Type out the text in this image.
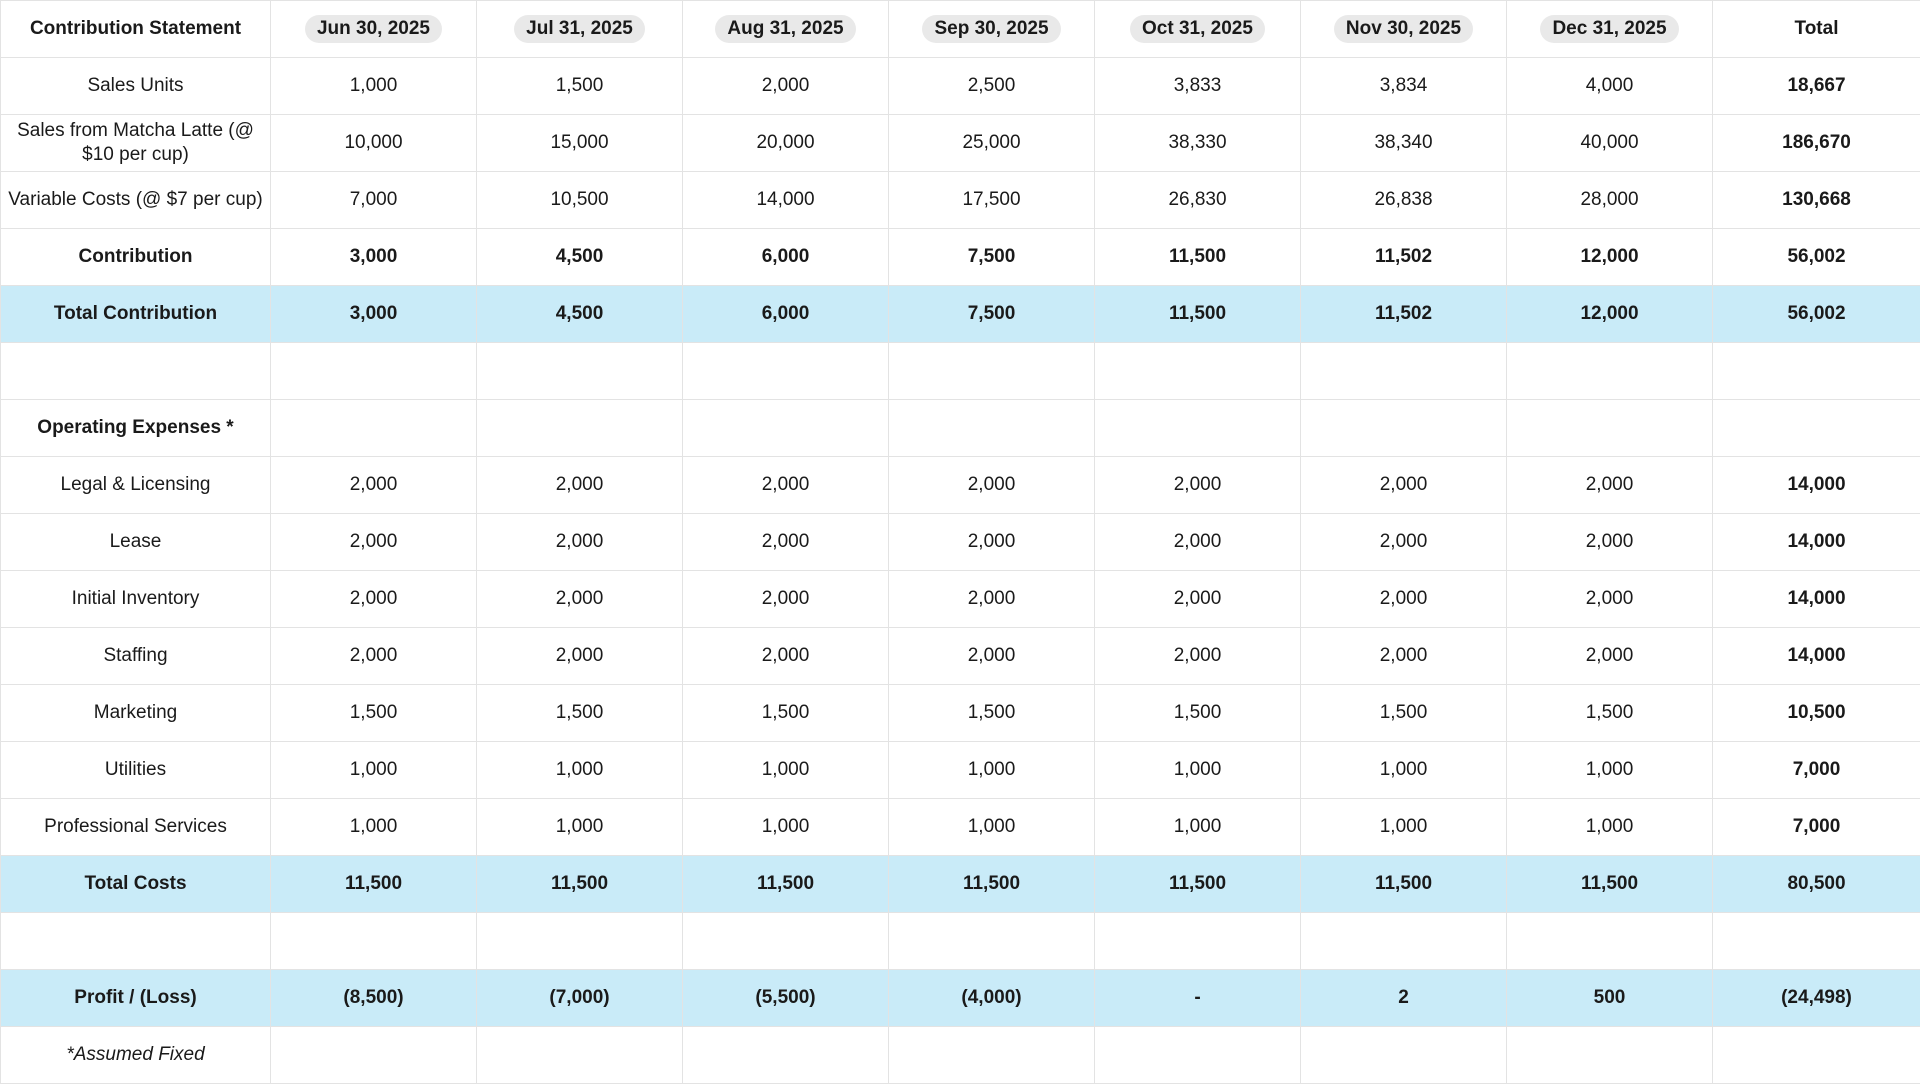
Contribution Statement	Jun 30, 2025	Jul 31, 2025	Aug 31, 2025	Sep 30, 2025	Oct 31, 2025	Nov 30, 2025	Dec 31, 2025	Total
Sales Units	1,000	1,500	2,000	2,500	3,833	3,834	4,000	18,667
Sales from Matcha Latte (@ $10 per cup)	10,000	15,000	20,000	25,000	38,330	38,340	40,000	186,670
Variable Costs (@ $7 per cup)	7,000	10,500	14,000	17,500	26,830	26,838	28,000	130,668
Contribution	3,000	4,500	6,000	7,500	11,500	11,502	12,000	56,002
Total Contribution	3,000	4,500	6,000	7,500	11,500	11,502	12,000	56,002

Operating Expenses *								
Legal & Licensing	2,000	2,000	2,000	2,000	2,000	2,000	2,000	14,000
Lease	2,000	2,000	2,000	2,000	2,000	2,000	2,000	14,000
Initial Inventory	2,000	2,000	2,000	2,000	2,000	2,000	2,000	14,000
Staffing	2,000	2,000	2,000	2,000	2,000	2,000	2,000	14,000
Marketing	1,500	1,500	1,500	1,500	1,500	1,500	1,500	10,500
Utilities	1,000	1,000	1,000	1,000	1,000	1,000	1,000	7,000
Professional Services	1,000	1,000	1,000	1,000	1,000	1,000	1,000	7,000
Total Costs	11,500	11,500	11,500	11,500	11,500	11,500	11,500	80,500

Profit / (Loss)	(8,500)	(7,000)	(5,500)	(4,000)	-	2	500	(24,498)
*Assumed Fixed								
